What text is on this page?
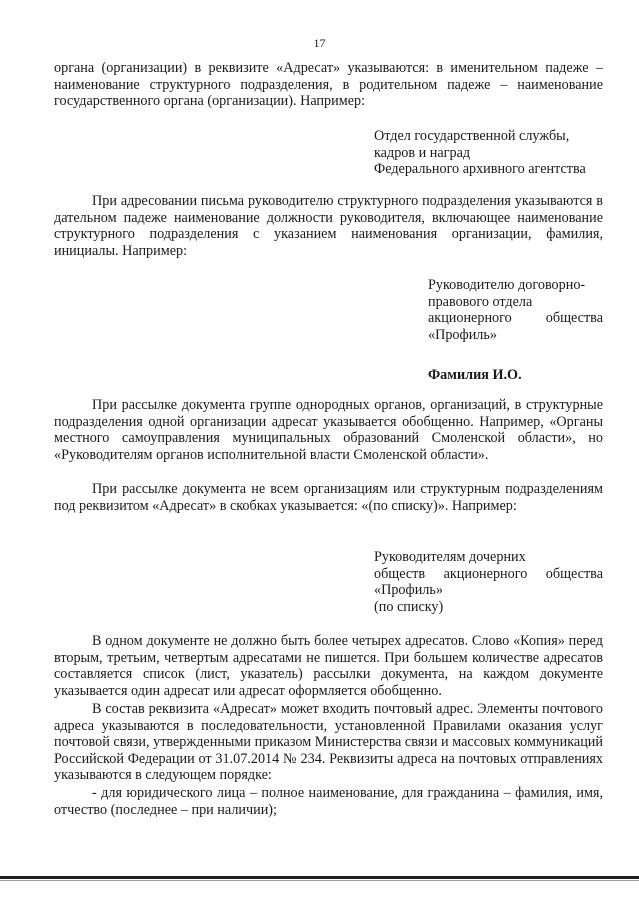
17

органа (организации) в реквизите «Адресат» указываются: в именительном падеже – наименование структурного подразделения, в родительном падеже – наименование государственного органа (организации). Например:

Отдел государственной службы,
кадров и наград
Федерального архивного агентства

При адресовании письма руководителю структурного подразделения указываются в дательном падеже наименование должности руководителя, включающее наименование структурного подразделения с указанием наименования организации, фамилия, инициалы. Например:

Руководителю договорно-
правового отдела
акционерного общества
«Профиль»
Фамилия И.О.

При рассылке документа группе однородных органов, организаций, в структурные подразделения одной организации адресат указывается обобщенно. Например, «Органы местного самоуправления муниципальных образований Смоленской области», но «Руководителям органов исполнительной власти Смоленской области».

При рассылке документа не всем организациям или структурным подразделениям под реквизитом «Адресат» в скобках указывается: «(по списку)». Например:

Руководителям дочерних
обществ акционерного общества
«Профиль»
(по списку)

В одном документе не должно быть более четырех адресатов. Слово «Копия» перед вторым, третьим, четвертым адресатами не пишется. При большем количестве адресатов составляется список (лист, указатель) рассылки документа, на каждом документе указывается один адресат или адресат оформляется обобщенно.

В состав реквизита «Адресат» может входить почтовый адрес. Элементы почтового адреса указываются в последовательности, установленной Правилами оказания услуг почтовой связи, утвержденными приказом Министерства связи и массовых коммуникаций Российской Федерации от 31.07.2014 № 234. Реквизиты адреса на почтовых отправлениях указываются в следующем порядке:

- для юридического лица – полное наименование, для гражданина – фамилия, имя, отчество (последнее – при наличии);
